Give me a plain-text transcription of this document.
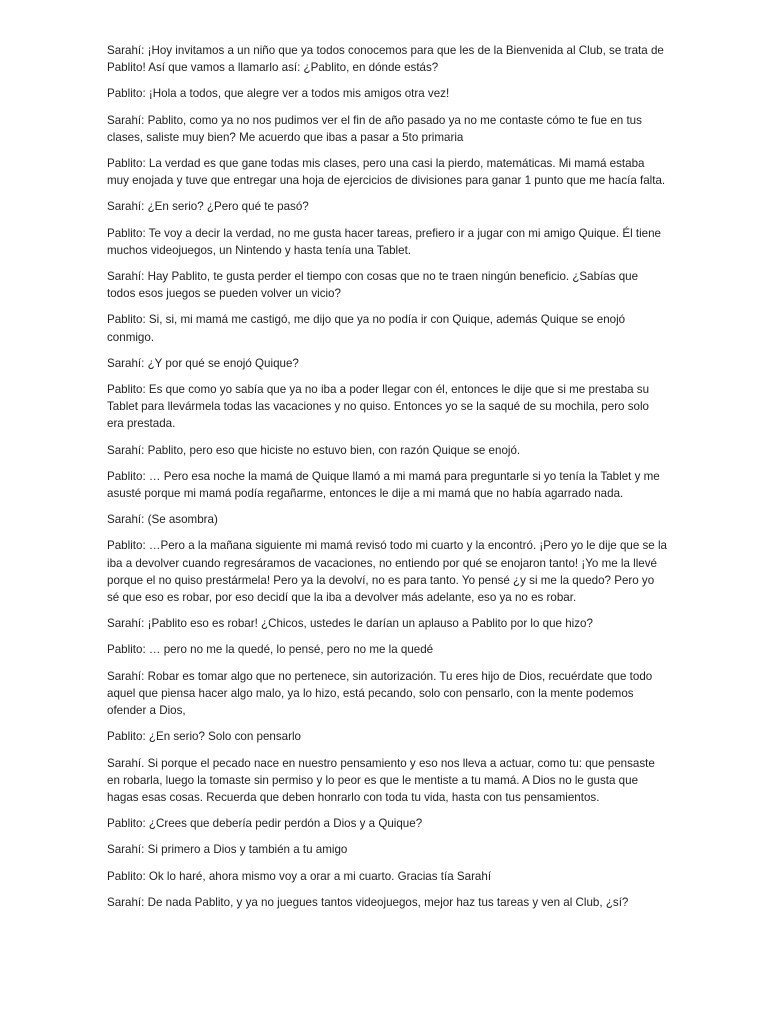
Sarahí: ¡Hoy invitamos a un niño que ya todos conocemos para que les de la Bienvenida al Club, se trata de Pablito! Así que vamos a llamarlo así: ¿Pablito, en dónde estás?

Pablito: ¡Hola a todos, que alegre ver a todos mis amigos otra vez!

Sarahí: Pablito, como ya no nos pudimos ver el fin de año pasado ya no me contaste cómo te fue en tus clases, saliste muy bien? Me acuerdo que ibas a pasar a 5to primaria

Pablito: La verdad es que gane todas mis clases, pero una casi la pierdo, matemáticas. Mi mamá estaba muy enojada y tuve que entregar una hoja de ejercicios de divisiones para ganar 1 punto que me hacía falta.

Sarahí: ¿En serio? ¿Pero qué te pasó?

Pablito: Te voy a decir la verdad, no me gusta hacer tareas, prefiero ir a jugar con mi amigo Quique. Él tiene muchos videojuegos, un Nintendo y hasta tenía una Tablet.

Sarahí: Hay Pablito, te gusta perder el tiempo con cosas que no te traen ningún beneficio. ¿Sabías que todos esos juegos se pueden volver un vicio?

Pablito: Si, si, mi mamá me castigó, me dijo que ya no podía ir con Quique, además Quique se enojó conmigo.

Sarahí: ¿Y por qué se enojó Quique?

Pablito: Es que como yo sabía que ya no iba a poder llegar con él, entonces le dije que si me prestaba su Tablet para llevármela todas las vacaciones y no quiso. Entonces yo se la saqué de su mochila, pero solo era prestada.

Sarahí: Pablito, pero eso que hiciste no estuvo bien, con razón Quique se enojó.

Pablito: … Pero esa noche la mamá de Quique llamó a mi mamá para preguntarle si yo tenía la Tablet y me asusté porque mi mamá podía regañarme, entonces le dije a mi mamá que no había agarrado nada.

Sarahí: (Se asombra)

Pablito: …Pero a la mañana siguiente mi mamá revisó todo mi cuarto y la encontró. ¡Pero yo le dije que se la iba a devolver cuando regresáramos de vacaciones, no entiendo por qué se enojaron tanto! ¡Yo me la llevé porque el no quiso prestármela! Pero ya la devolví, no es para tanto. Yo pensé ¿y si me la quedo? Pero yo sé que eso es robar, por eso decidí que la iba a devolver más adelante, eso ya no es robar.

Sarahí: ¡Pablito eso es robar! ¿Chicos, ustedes le darían un aplauso a Pablito por lo que hizo?

Pablito: … pero no me la quedé, lo pensé, pero no me la quedé

Sarahí: Robar es tomar algo que no pertenece, sin autorización. Tu eres hijo de Dios, recuérdate que todo aquel que piensa hacer algo malo, ya lo hizo, está pecando, solo con pensarlo, con la mente podemos ofender a Dios,

Pablito: ¿En serio? Solo con pensarlo

Sarahí. Si porque el pecado nace en nuestro pensamiento y eso nos lleva a actuar, como tu: que pensaste en robarla, luego la tomaste sin permiso y lo peor es que le mentiste a tu mamá. A Dios no le gusta que hagas esas cosas. Recuerda que deben honrarlo con toda tu vida, hasta con tus pensamientos.

Pablito: ¿Crees que debería pedir perdón a Dios y a Quique?

Sarahí: Si primero a Dios y también a tu amigo

Pablito: Ok lo haré, ahora mismo voy a orar a mi cuarto. Gracias tía Sarahí

Sarahí: De nada Pablito, y ya no juegues tantos videojuegos, mejor haz tus tareas y ven al Club, ¿sí?
